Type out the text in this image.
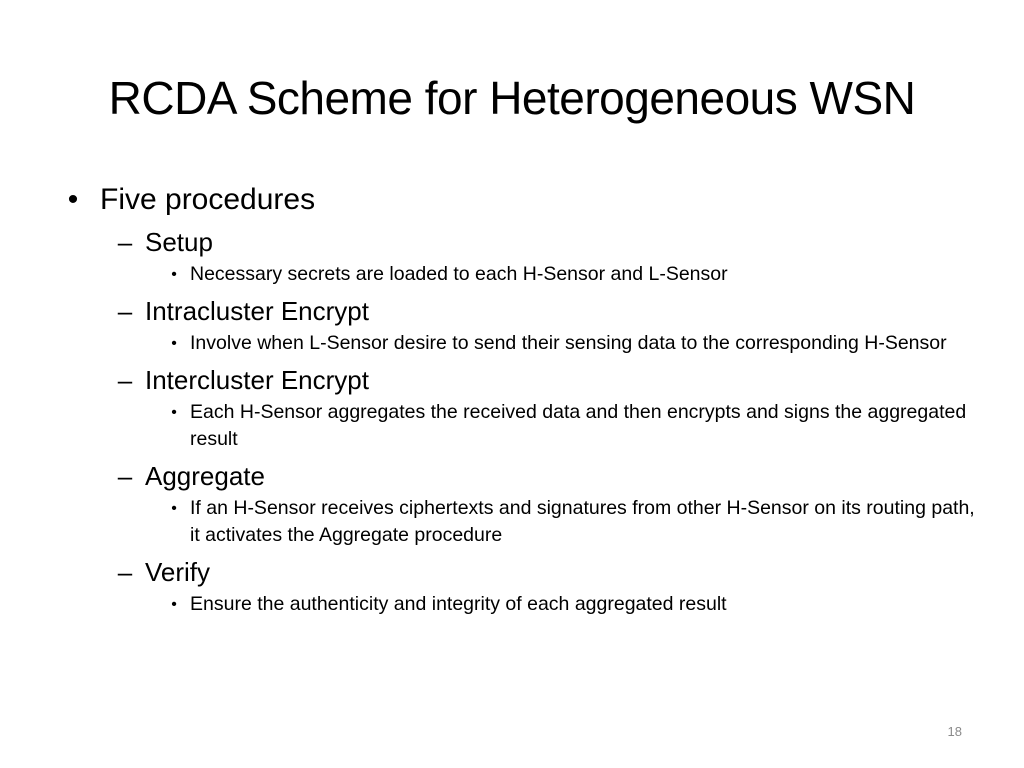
RCDA Scheme for Heterogeneous WSN
• Five procedures
– Setup
• Necessary secrets are loaded to each H-Sensor and L-Sensor
– Intracluster Encrypt
• Involve when L-Sensor desire to send their sensing data to the corresponding H-Sensor
– Intercluster Encrypt
• Each H-Sensor aggregates the received data and then encrypts and signs the aggregated result
– Aggregate
• If an H-Sensor receives ciphertexts and signatures from other H-Sensor on its routing path, it activates the Aggregate procedure
– Verify
• Ensure the authenticity and integrity of each aggregated result
18
